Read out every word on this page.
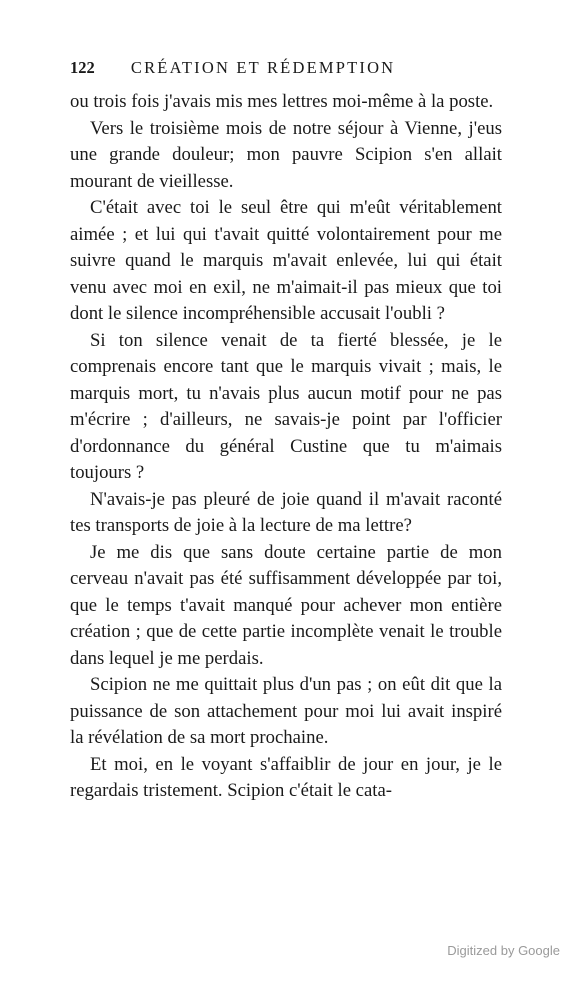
122 CRÉATION ET RÉDEMPTION

ou trois fois j'avais mis mes lettres moi-même à la poste.

Vers le troisième mois de notre séjour à Vienne, j'eus une grande douleur; mon pauvre Scipion s'en allait mourant de vieillesse.

C'était avec toi le seul être qui m'eût véritablement aimée ; et lui qui t'avait quitté volontairement pour me suivre quand le marquis m'avait enlevée, lui qui était venu avec moi en exil, ne m'aimait-il pas mieux que toi dont le silence incompréhensible accusait l'oubli ?

Si ton silence venait de ta fierté blessée, je le comprenais encore tant que le marquis vivait ; mais, le marquis mort, tu n'avais plus aucun motif pour ne pas m'écrire ; d'ailleurs, ne savais-je point par l'officier d'ordonnance du général Custine que tu m'aimais toujours ?

N'avais-je pas pleuré de joie quand il m'avait raconté tes transports de joie à la lecture de ma lettre?

Je me dis que sans doute certaine partie de mon cerveau n'avait pas été suffisamment développée par toi, que le temps t'avait manqué pour achever mon entière création ; que de cette partie incomplète venait le trouble dans lequel je me perdais.

Scipion ne me quittait plus d'un pas ; on eût dit que la puissance de son attachement pour moi lui avait inspiré la révélation de sa mort prochaine.

Et moi, en le voyant s'affaiblir de jour en jour, je le regardais tristement. Scipion c'était le cata-

Digitized by Google
